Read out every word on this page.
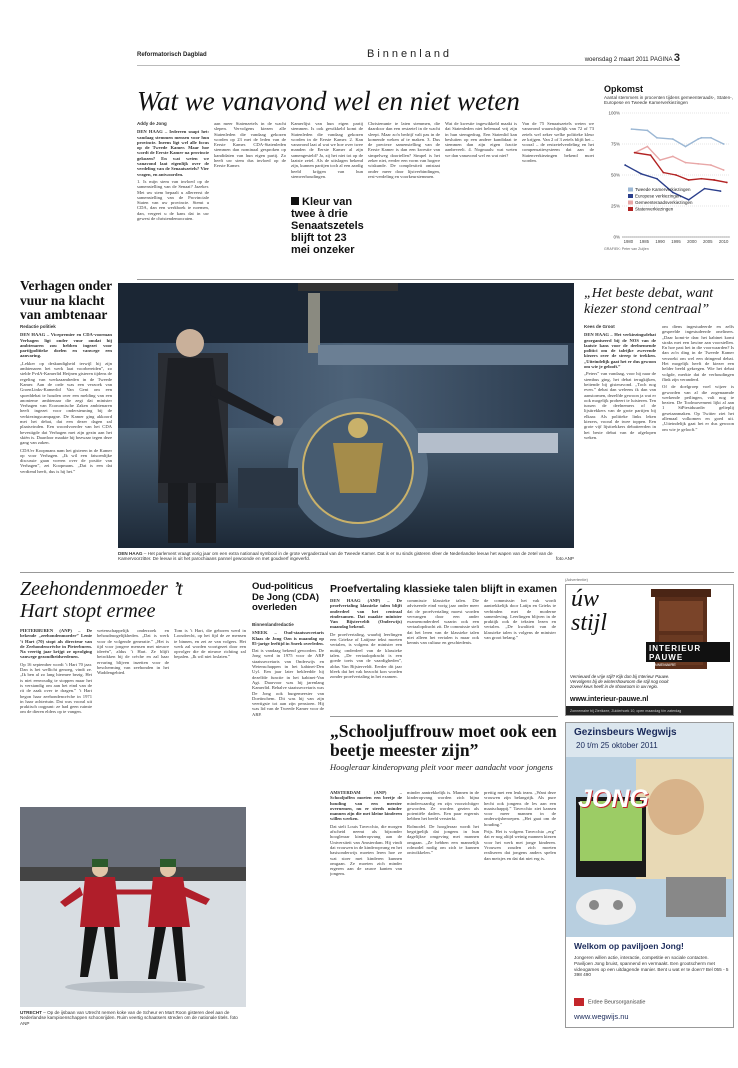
Reformatorisch Dagblad	Binnenland	woensdag 2 maart 2011 PAGINA 3
Wat we vanavond wel en niet weten
Addy de Jong

DEN HAAG – Iedereen snapt het: vandaag stemmen mensen voor hun provincie. Ineens ligt wel alle focus op de Tweede Kamer. Maar hoe wordt de Eerste Kamer na provincie gekozen? En wat weten we vanavond laat eigenlijk over de verdeling van de Senaatszetels? Vier vragen, en antwoorden.

1. Is mijn stem van invloed op de samenstelling van de Senaat? Jazeker. Met uw stem bepaalt u allereerst de samenstelling van de Provinciale Staten van uw provincie. Stemt u CDA, dan een werkboek te noemen, dan, vergeet u de kans dat in uw gewest de christendemocraten.

aan meer Statenzetels in de wacht slepen. Vervolgens kiezen alle Statenleden die vandaag gekozen worden op 23 mei de leden van de Eerste Kamer. CDA-Statenleden stemmen dan nominaal gesproken op kandidaten van hun eigen partij. Zo heeft uw stem dus invloed op de Eerste Kamer.

Kamerlijst van hun eigen partij stemmen. Is ook gewikkeld komt de Statenleden die vandaag gekozen worden in de Eerste Kamer. 2. Kan vanavond laat al wat we hoe over twee manden de Eerste Kamer al zijn samengesteld? Ja, zij het niet tot op de laatste zetel. Als de uitslagen bekend zijn, kunnen partijen toch al een aardig beeld krijgen van hun stemverhoudingen.

Kleur van twee à drie Senaatszetels blijft tot 23 mei onzeker

Christenunie te laten stemmen, die daardoor dan een restzetel in de wacht sleept. Maar zo'n bedrijf valt pas in de komende weken af te maken. 3. Dus de precieze samenstelling van de Eerste Kamer is dan een kwestie van simpelweg doortellen? Simpel is het zeker niet, eerder een vorm van hogere wiskunde. De complexiteit ontstaat onder meer door lijstverbindingen, rest-verdeling en voorkeurstemmen.

Wat de kwestie ingewikkeld maakt is dat Statenleden niet helemaal vrij zijn in hun stemgedrag. Een Statenlid kan besluiten op een andere kandidaat te stemmen dan zijn eigen fractie aanbeveelt. 4. Nogmaals: wat weten we dan vanavond wel en wat niet?

Van de 75 Senaatszetels weten we vanavond waarschijnlijk van 72 of 73 zetels wel zeker welke politieke kleur ze krijgen. Van 2 of 3 zetels blijft het – vooral – de restzetelverdeling en het compensatiesysteem dat aan de Statenverkiezingen bekend moet worden.

Opkomst
Aantal stemmers in procenten tijdens gemeenteraads-, Staten-, Europese en Tweede Kamerverkiezingen
0%
25%
50%
75%
100%
1980 1985 1990 1995 2000 2005 2010
Tweede Kamerverkiezingen
Europese verkiezingen
Gemeenteraadsverkiezingen
Statenverkiezingen
GRAFIEK: Peter van Zuijlen
Verhagen onder vuur na klacht van ambtenaar
Redactie politiek

DEN HAAG – Vicepremier en CDA-voorman Verhagen ligt onder vuur omdat hij ambtenaren zou hebben ingezet voor partijpolitieke doelen en vanwege een aanvaring.

„Lekker op deskundigheid terwijl hij zijn ambtenaren het werk laat voorbereiden”, zo stelde PvdA-Kamerlid Heijnen gisteren tijdens de regeling van werkzaamheden in de Tweede Kamer. Aan de orde was een verzoek van GroenLinks-Kamerlid Van Gent om een spoeddebat te houden over een melding van een anonieme ambtenaar die zegt dat minister Verhagen van Economische Zaken ambtenaren heeft ingezet voor ondersteuning bij de verkiezingscampagne. De Kamer ging akkoord met het debat, dat een dezer dagen zal plaatsvinden. Een woordvoerder van het CDA bevestigde dat Verhagen met zijn gezin aan het skiën is. Daardoor maakte hij bezwaar tegen deze gang van zaken.

CDA'er Koopmans nam het gisteren in de Kamer op voor Verhagen. „Ik wil een fatsoenlijke discussie gaan voeren over de positie van Verhagen”, zei Koopmans. „Dat is een dat verdiend heeft, dus is hij het.”

DEN HAAG – Het parlement vraagt vorig jaar om een extra nationaal symbool in de grote vergaderzaal van de Tweede Kamer. Dat is er nu sinds gisteren sfeer de Nederlandse leeuw het wapen van de zetel van de Kamervoorzitter. De leeuw is uit het parochiaans pannel gewoonde en met goudverf ingeverfd.	foto ANP
„Het beste debat, want kiezer stond centraal”
Kees de Groot

DEN HAAG – Het verkiezingsdebat georganiseerd bij de NOS van de laatste kans voor de deelnemende politici om de talrijke zwevende kiezers over de streep te trekken. „Uiteindelijk gaat het er dus gewoon om wie je gelooft.”

„Peters” van vandaag, voor hij naar de stembus ging, het debat terugkijken, beitende bij gisteravond. „Toch nog even.” debat dan weleens ik dan van aanstormen, dezelfde gewoon ja wat er ook mogelijk probeert te luisteren. Ten tussen de deelnemers of de lijsttrekkers van de grote partijen bij elkaar. Als politieke links leken kiezers, vooral de twee toppen. Een grote vijf lijsttrekkers debatteerden in het beste debat van de afgelopen weken.

om diens ingestudeerde en zelfs gespeelde ingestudeerde oneliners. „Daar komt-ie dan: het kabinet komt straks met een lawine aan voorstellen. En hoe past het in die voorwaarden? Is dan zo'n ding in de Tweede Kamer verzoekt om wel een dringend debat. Het mogelijk heeft de kiezer een helder beeld gekregen. Wie het debat volgde, merkte dat de verhoudingen flink zijn veranderd.

Of de doelgroep voel wijzer is geworden van al die zogenaamde werkende peilingen, valt nog te bezien. De Toolmovement lijkt al aan 1 StPtestduurdiv gelieplij gesetaanmaken. Op Twitter ziet het allemaal volkomen en goed uit. „Uiteindelijk gaat het er dus gewoon om wie je gelooft.”

Zeehondenmoeder ’t Hart stopt ermee

PIETERBUREN (ANP) – De bekende „zeehondenmoeder” Lenie ’t Hart (70) stopt als directeur van de Zeehondencrèche in Pieterburen. Na veertig jaar krijgt ze opvolging vanwege gezondheidsredenen.

Op 16 september wordt ’t Hart 70 jaar. Dan is het wellicht genoeg, vindt ze. „Ik ben al zo lang hiermee bezig. Het is niet eenvoudig te stoppen maar het is verstandig om aan het eind van de rit de zaak over te dragen.” ’t Hart begon haar zeehondencrèche in 1971 in haar achtertuin. Dat was vooral uit praktisch oogpunt: ze had geen ruimte om de dieren elders op te vangen.

wetenschappelijk onderzoek en behoudmogelijkheden. „Dat is werk voor de volgende generatie.” „Het is tijd voor jongere mensen met nieuwe ideeën”, aldus ’t Hart. Ze blijft betrokken bij de crèche en zal haar ervaring blijven inzetten voor de bescherming van zeehonden in het Waddengebied.

Tom is ’t Hart, die geboren werd in Loosdrecht, op het fijd de ze mensen te binnen, en zei ze van volgers. Het werk zal worden voortgezet door een opvolger die de nieuwe richting zal bepalen. „Ik wil niet loslaten.”

UTRECHT – Op de ijsbaan van Utrecht nemen koke van de Scheur en Mart Roon gisteren deel aan de Nederlandse kampioenschappen schoonrijden. Ruim veertig schaatsers streden om de nationale titels. foto ANP
Oud-politicus De Jong (CDA) overleden
Binnenlandredactie

SNEEK – Oud-staatssecretaris Klaas de Jong Ozn is maandag op 85-jarige leeftijd in Sneek overleden.

Dat is vandaag bekend geworden. De Jong werd in 1975 voor de ARP staatssecretaris van Onderwijs en Wetenschappen in het kabinet-Den Uyl. Een jaar later bekleedde hij dezelfde functie in het kabinet-Van Agt. Daarvoor was hij jarenlang Kamerlid. Behalve staatssecretaris was De Jong ook burgemeester van Doetinchem. Dit was hij van zijn veertigste tot aan zijn pensioen. Hij was lid van de Tweede Kamer voor de ARP.

Proefvertaling klassieke talen blijft in examen

DEN HAAG (ANP) – De proefvertaling klassieke talen blijft onderdeel van het centraal eindexamen. Dat maakte minister Van Bijsterveldt (Onderwijs) maandag bekend.

De proefvertaling, waarbij leerlingen een Griekse of Latijnse tekst moeten vertalen, is volgens de minister een nuttig onderdeel van de klassieke talen. „De vertaalopdracht is een goede toets van de vaardigheden”, aldus Van Bijsterveldt. Eerder dit jaar bleek dat het vak bezocht kon worden zonder proefvertaling in het examen.

commissie klassieke talen. Die adviseerde eind vorig jaar onder meer dat de proefvertaling moest worden vervangen door een ander examenonderdeel waarin ook een vertaalopdracht zit. De commissie stelt dat het leren van de klassieke talen niet alleen het vertalen is maar ook kennis van cultuur en geschiedenis.

de commissie: het vak wordt aantrekkelijk door Latijn en Grieks te verbinden met de moderne samenleving. Leerlingen blijven in de praktijk ook de teksten lezen en vertalen. „De kwaliteit van de klassieke talen is volgens de minister van groot belang.”

„Schooljuffrouw moet ook een beetje meester zijn”
Hoogleraar kinderopvang pleit voor meer aandacht voor jongens

AMSTERDAM (ANP) – Schooljuffen moeten een beetje de houding van een meester overnemen, nu er steeds minder mannen zijn die met kleine kinderen willen werken.

Dat stelt Louis Tavecchio, die morgen afscheid neemt als bijzonder hoogleraar kinderopvang aan de Universiteit van Amsterdam. Hij vindt dat vrouwen in de kinderopvang en het basisonderwijs moeten leren hoe ze wat stoer met kinderen kunnen omgaan. Ze moeten zich minder ergeren aan de rauwe kanten van jongens.

minder aantrekkelijk is. Mannen in de kinderopvang worden zich bijna minderwaardig en zijn voorzichtiger geworden. Ze worden gezien als potentiële daders. Een paar ergernis hebben het beeld versterkt.

Rolmodel. De hoogleraar wordt het begrijpelijk dat jongens in hun dagelijkse omgeving met mannen omgaan. „Ze hebben een mannelijk rolmodel nodig om zich te kunnen ontwikkelen.”

prettig met een leuk team. „Want deze vrouwen zijn belangrijk. Als pure hecht ook jongens de les aan een maatschappij.” Tavecchio ziet kansen voor meer mannen in de onderwijsberoepen. „Het gaat om de houding.”

Prijs. Het is volgens Tavecchio „erg” dat er nog altijd weinig mannen kiezen voor het werk met jonge kinderen. Vrouwen zouden zich moeten realiseren dat jongens anders spelen dan meisjes en dat dat niet erg is.

(Advertentie)
úw stijl
INTERIEUR PAUWE
SONNEMAIRE
Vernieuwd de vrije stijl? Kijk dan bij Interieur Pauwe. Vervolgens bij de wintershowroom die stijl nog nooit zoveel keus heeft in de showroom in uw regio.
www.interieur-pauwe.nl
Zonnemaire bij Zierikzee, Zuiderhoek 10, open maandag t/m zaterdag
Gezinsbeurs Wegwijs
20 t/m 25 oktober 2011
JONG
Welkom op paviljoen Jong!
Jongeren willen actie, interactie, competitie en sociale contacten. Paviljoen Jong bruist, spannend en vermaakt. Een grootscherm met videogames op een uitdagende manier. Bent u wat er te doen? Bel 055 - 5 398 490
Erdee Beursorganisatie
www.wegwijs.nu
